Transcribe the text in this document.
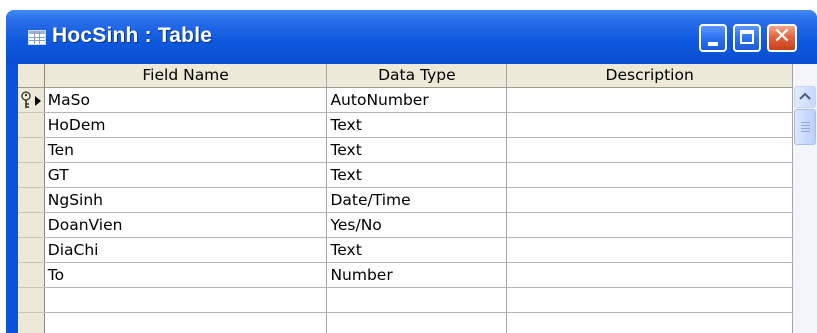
HocSinh : Table	✕
	Field Name	Data Type	Description

	MaSo	AutoNumber	
	HoDem	Text	
	Ten	Text	
	GT	Text	
	NgSinh	Date/Time	
	DoanVien	Yes/No	
	DiaChi	Text	
	To	Number	
